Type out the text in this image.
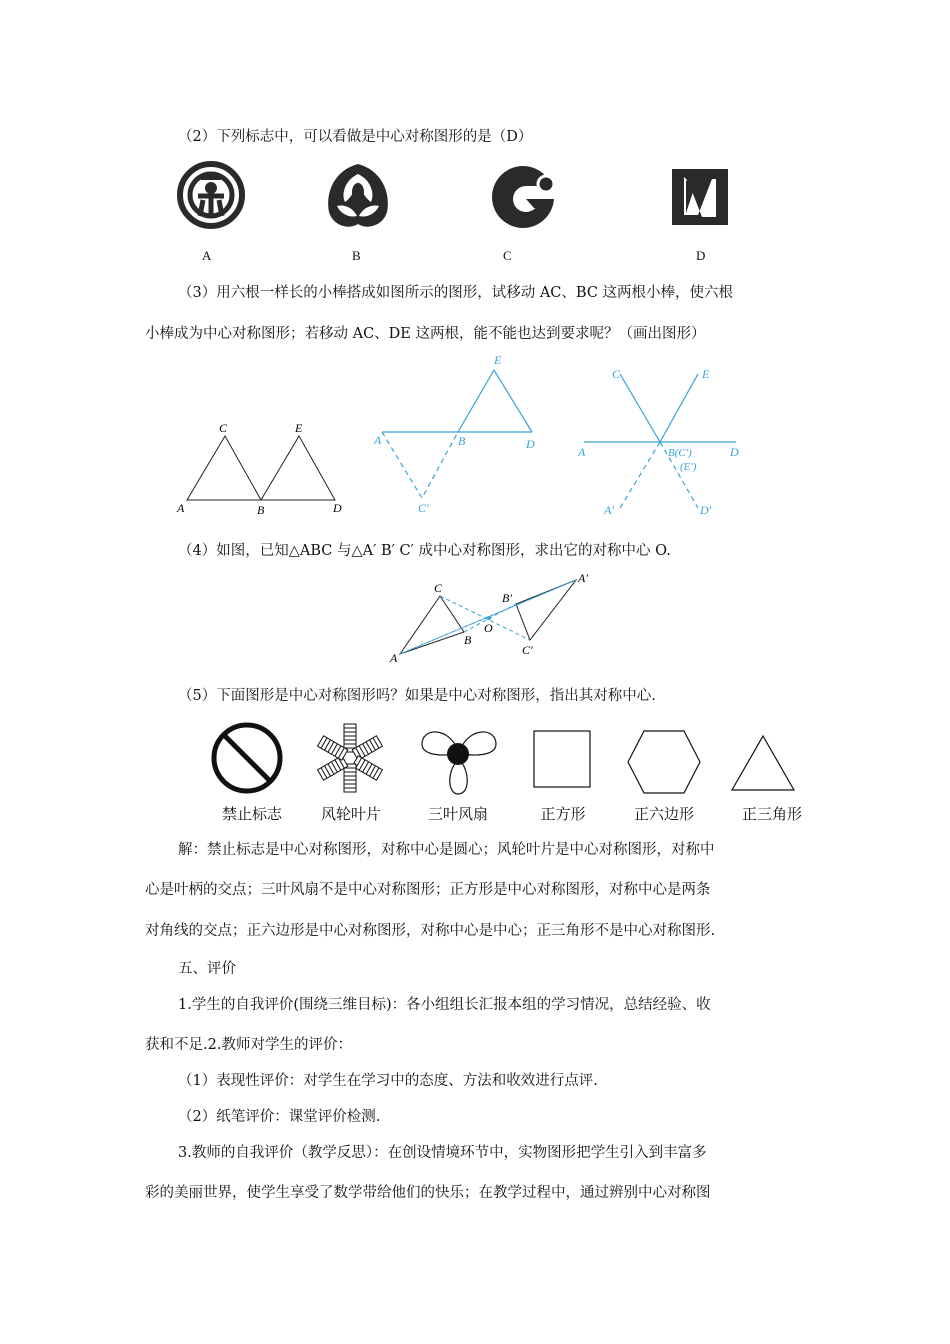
（2）下列标志中，可以看做是中心对称图形的是（D）
A	B	C	D
（3）用六根一样长的小棒搭成如图所示的图形，试移动 AC、BC 这两根小棒，使六根
小棒成为中心对称图形；若移动 AC、DE 这两根，能不能也达到要求呢？（画出图形）
C	E
A	B	D
E
A	B	D
C′
C	E
A	B(C′)
(E′)
D
A′	D′
（4）如图，已知△ABC 与△A′ B′ C′ 成中心对称图形，求出它的对称中心 O.
A
C
B
O
A′
B′
C′
（5）下面图形是中心对称图形吗？如果是中心对称图形，指出其对称中心.
禁止标志	风轮叶片	三叶风扇	正方形	正六边形	正三角形
解：禁止标志是中心对称图形，对称中心是圆心；风轮叶片是中心对称图形，对称中
心是叶柄的交点；三叶风扇不是中心对称图形；正方形是中心对称图形，对称中心是两条
对角线的交点；正六边形是中心对称图形，对称中心是中心；正三角形不是中心对称图形.
五、评价
1.学生的自我评价(围绕三维目标)：各小组组长汇报本组的学习情况，总结经验、收
获和不足.2.教师对学生的评价：
（1）表现性评价：对学生在学习中的态度、方法和收效进行点评.
（2）纸笔评价：课堂评价检测.
3.教师的自我评价（教学反思）：在创设情境环节中，实物图形把学生引入到丰富多
彩的美丽世界，使学生享受了数学带给他们的快乐；在教学过程中，通过辨别中心对称图
